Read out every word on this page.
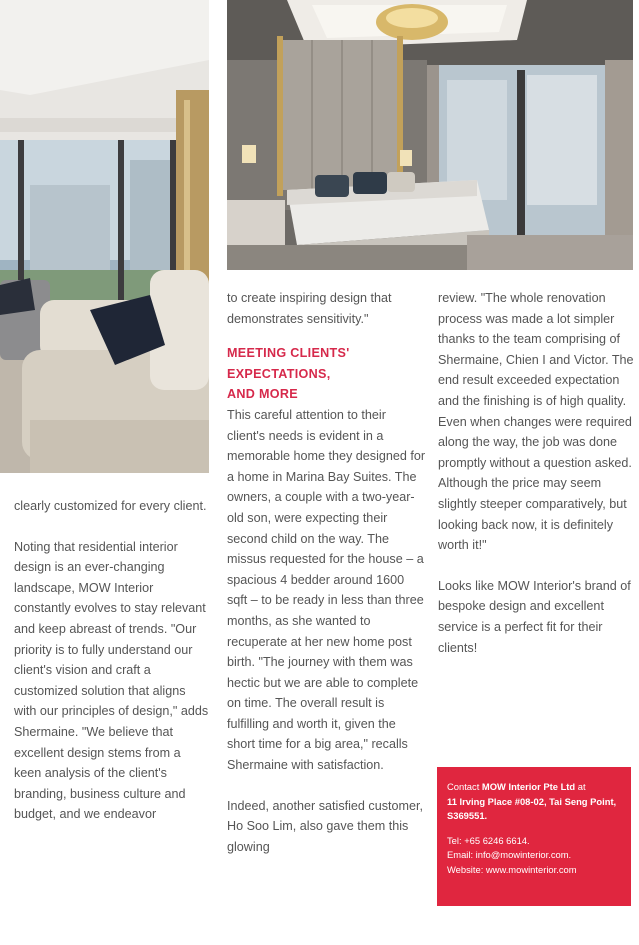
clearly customized for every client.

Noting that residential interior design is an ever-changing landscape, MOW Interior constantly evolves to stay relevant and keep abreast of trends. "Our priority is to fully understand our client's vision and craft a customized solution that aligns with our principles of design," adds Shermaine. "We believe that excellent design stems from a keen analysis of the client's branding, business culture and budget, and we endeavor

to create inspiring design that demonstrates sensitivity."

MEETING CLIENTS'
EXPECTATIONS,
AND MORE

This careful attention to their client's needs is evident in a memorable home they designed for a home in Marina Bay Suites. The owners, a couple with a two-year-old son, were expecting their second child on the way. The missus requested for the house – a spacious 4 bedder around 1600 sqft – to be ready in less than three months, as she wanted to recuperate at her new home post birth. "The journey with them was hectic but we are able to complete on time. The overall result is fulfilling and worth it, given the short time for a big area," recalls Shermaine with satisfaction.

Indeed, another satisfied customer, Ho Soo Lim, also gave them this glowing

review. "The whole renovation process was made a lot simpler thanks to the team comprising of Shermaine, Chien I and Victor. The end result exceeded expectation and the finishing is of high quality. Even when changes were required along the way, the job was done promptly without a question asked. Although the price may seem slightly steeper comparatively, but looking back now, it is definitely worth it!"

Looks like MOW Interior's brand of bespoke design and excellent service is a perfect fit for their clients!

Contact MOW Interior Pte Ltd at
11 Irving Place #08-02, Tai Seng Point, S369551.
Tel: +65 6246 6614.
Email: info@mowinterior.com.
Website: www.mowinterior.com
